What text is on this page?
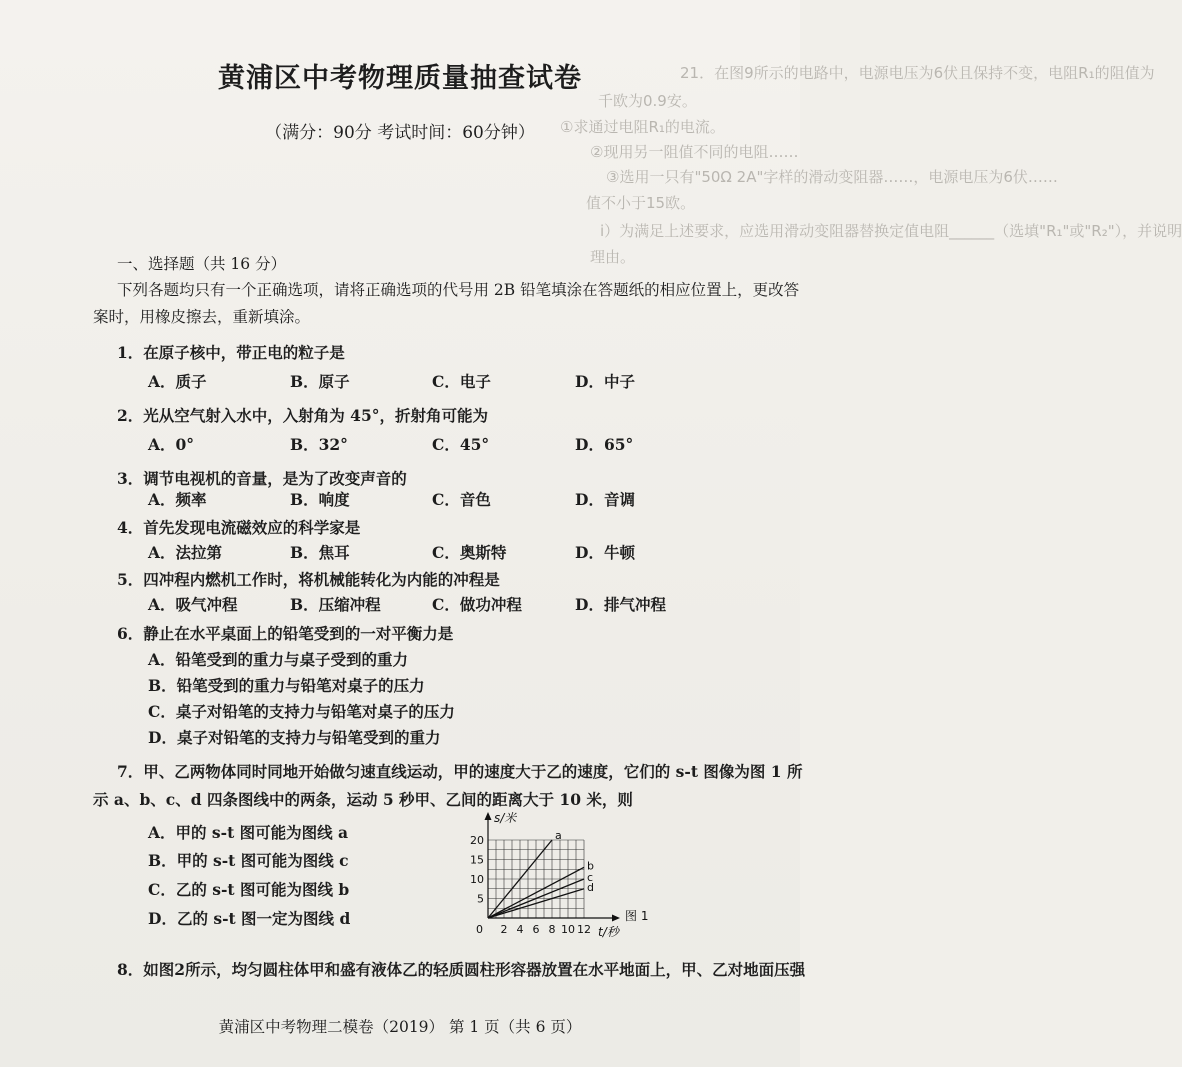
21．在图9所示的电路中，电源电压为6伏且保持不变，电阻R₁的阻值为
千欧为0.9安。
①求通过电阻R₁的电流。
②现用另一阻值不同的电阻……
③选用一只有"50Ω 2A"字样的滑动变阻器……，电源电压为6伏……
值不小于15欧。
i）为满足上述要求，应选用滑动变阻器替换定值电阻______（选填"R₁"或"R₂"），并说明
理由。
黄浦区中考物理质量抽查试卷
（满分：90分 考试时间：60分钟）
一、选择题（共 16 分）
下列各题均只有一个正确选项，请将正确选项的代号用 2B 铅笔填涂在答题纸的相应位置上，更改答
案时，用橡皮擦去，重新填涂。
1．在原子核中，带正电的粒子是
A．质子	B．原子	C．电子	D．中子
2．光从空气射入水中，入射角为 45°，折射角可能为
A．0°	B．32°	C．45°	D．65°
3．调节电视机的音量，是为了改变声音的
A．频率	B．响度	C．音色	D．音调
4．首先发现电流磁效应的科学家是
A．法拉第	B．焦耳	C．奥斯特	D．牛顿
5．四冲程内燃机工作时，将机械能转化为内能的冲程是
A．吸气冲程	B．压缩冲程	C．做功冲程	D．排气冲程
6．静止在水平桌面上的铅笔受到的一对平衡力是
A．铅笔受到的重力与桌子受到的重力
B．铅笔受到的重力与铅笔对桌子的压力
C．桌子对铅笔的支持力与铅笔对桌子的压力
D．桌子对铅笔的支持力与铅笔受到的重力
7．甲、乙两物体同时同地开始做匀速直线运动，甲的速度大于乙的速度，它们的 s-t 图像为图 1 所
示 a、b、c、d 四条图线中的两条，运动 5 秒甲、乙间的距离大于 10 米，则
A．甲的 s-t 图可能为图线 a
B．甲的 s-t 图可能为图线 c
C．乙的 s-t 图可能为图线 b
D．乙的 s-t 图一定为图线 d
a
b
c
d
5
10
15
20
2 4 6 8 10 12
0
s/米
t/秒
图 1
8．如图2所示，均匀圆柱体甲和盛有液体乙的轻质圆柱形容器放置在水平地面上，甲、乙对地面压强
黄浦区中考物理二模卷（2019） 第 1 页（共 6 页）
